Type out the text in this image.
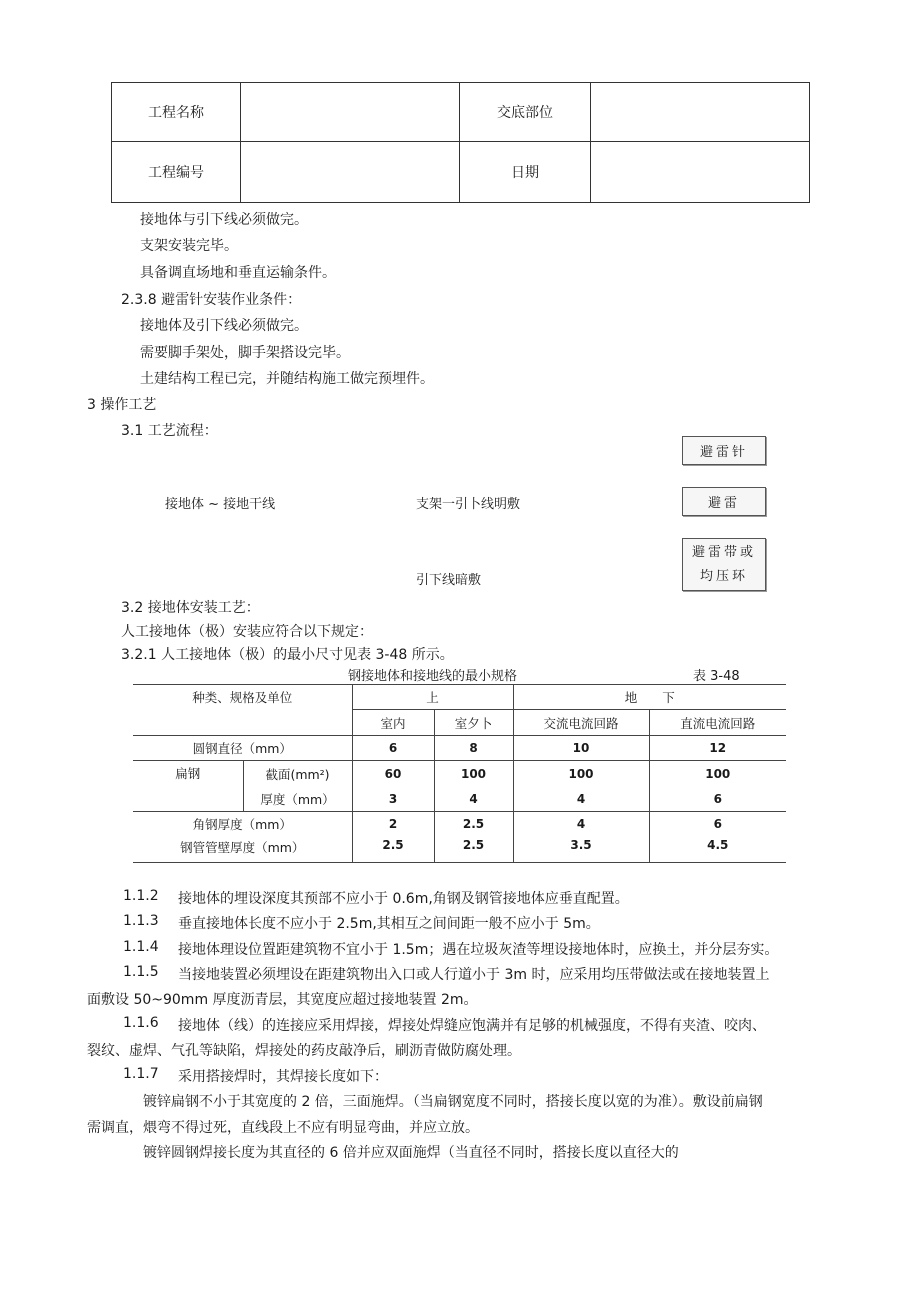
工程名称		交底部位	
工程编号		日期	
接地体与引下线必须做完。
支架安装完毕。
具备调直场地和垂直运输条件。
2.3.8 避雷针安装作业条件：
接地体及引下线必须做完。
需要脚手架处，脚手架搭设完毕。
土建结构工程已完，并随结构施工做完预埋件。
3 操作工艺
3.1 工艺流程：
接地体 ~ 接地干线	支架一引卜线明敷
引下线暗敷
避雷针
避雷
避雷带或
均压环
3.2 接地体安装工艺：
人工接地体（极）安装应符合以下规定：
3.2.1 人工接地体（极）的最小尺寸见表 3-48 所示。
钢接地体和接地线的最小规格 表 3-48					

种类、规格及单位		上		地　　下	
		室内	室夕卜	交流电流回路	直流电流回路
圆钢直径（mm）		6	8	10	12
扁钢	截面(mm²)	60	100	100	100
	厚度（mm）	3	4	4	6
角钢厚度（mm）		2	2.5	4	6
钢管管壁厚度（mm）		2.5	2.5	3.5	4.5
1.1.2 接地体的埋设深度其预部不应小于 0.6m,角钢及钢管接地体应垂直配置。
1.1.3 垂直接地体长度不应小于 2.5m,其相互之间间距一般不应小于 5m。
1.1.4 接地体理设位置距建筑物不宜小于 1.5m；遇在垃圾灰渣等埋设接地体时，应换土，并分层夯实。
1.1.5 当接地装置必须埋设在距建筑物出入口或人行道小于 3m 时，应采用均压带做法或在接地装置上
面敷设 50~90mm 厚度沥青层，其宽度应超过接地装置 2m。
1.1.6 接地体（线）的连接应采用焊接，焊接处焊缝应饱满并有足够的机械强度，不得有夹渣、咬肉、
裂纹、虚焊、气孔等缺陷，焊接处的药皮敲净后，刷沥青做防腐处理。
1.1.7 采用搭接焊时，其焊接长度如下：
镀锌扁钢不小于其宽度的 2 倍，三面施焊。（当扁钢宽度不同时，搭接长度以宽的为准）。敷设前扁钢
需调直，煨弯不得过死，直线段上不应有明显弯曲，并应立放。
镀锌圆钢焊接长度为其直径的 6 倍并应双面施焊（当直径不同时，搭接长度以直径大的
